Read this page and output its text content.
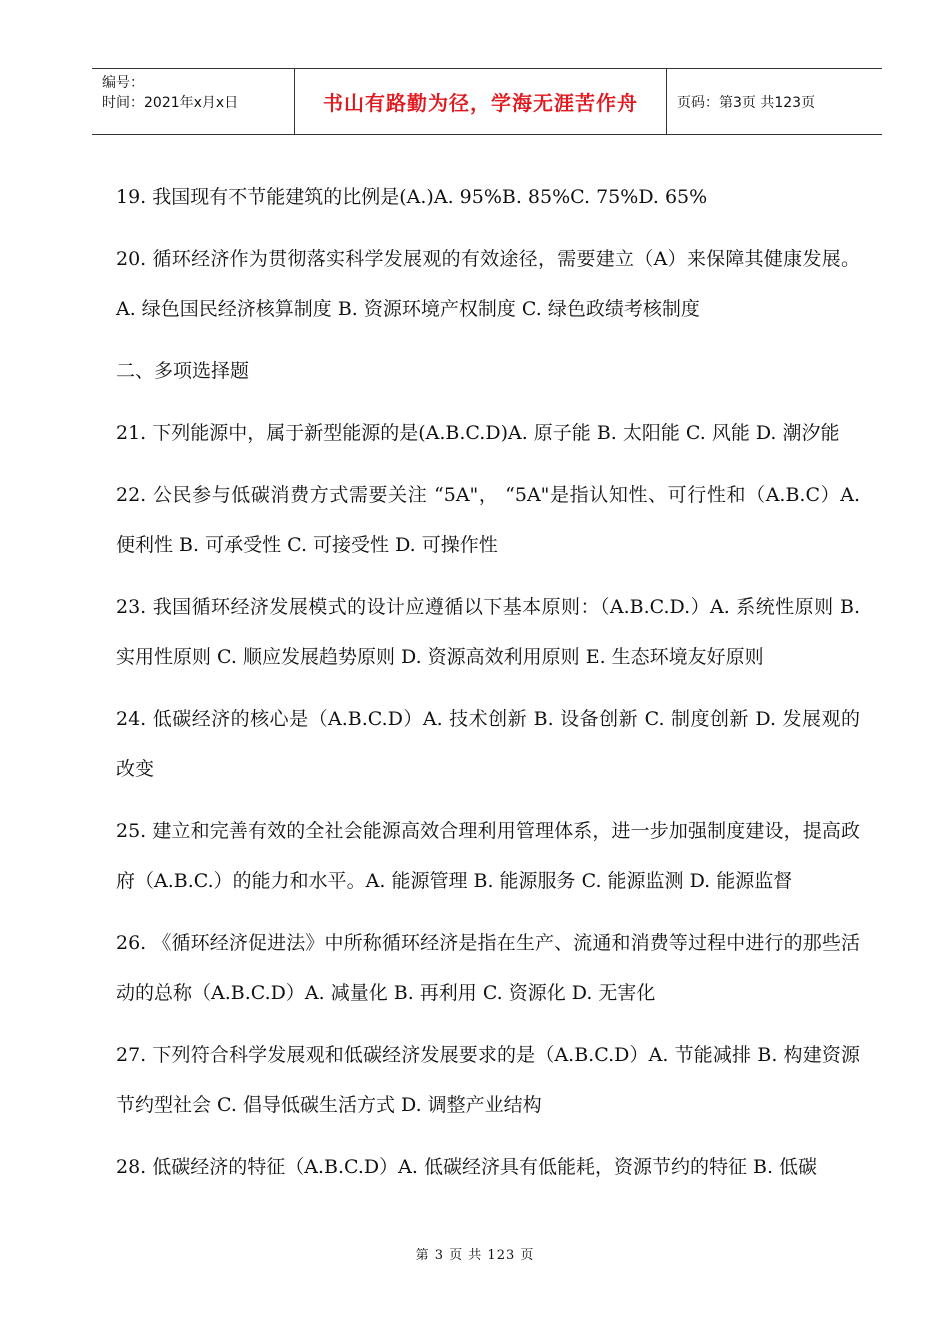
编号：
时间：2021年x月x日	书山有路勤为径，学海无涯苦作舟	页码：第3页 共123页

19. 我国现有不节能建筑的比例是(A.)A. 95%B. 85%C. 75%D. 65%

20. 循环经济作为贯彻落实科学发展观的有效途径，需要建立（A）来保障其健康发展。A. 绿色国民经济核算制度 B. 资源环境产权制度 C. 绿色政绩考核制度

二、多项选择题

21. 下列能源中，属于新型能源的是(A.B.C.D)A. 原子能 B. 太阳能 C. 风能 D. 潮汐能

22. 公民参与低碳消费方式需要关注 “5A"， “5A"是指认知性、可行性和（A.B.C）A. 便利性 B. 可承受性 C. 可接受性 D. 可操作性

23. 我国循环经济发展模式的设计应遵循以下基本原则：（A.B.C.D.）A. 系统性原则 B. 实用性原则 C. 顺应发展趋势原则 D. 资源高效利用原则 E. 生态环境友好原则

24. 低碳经济的核心是（A.B.C.D）A. 技术创新 B. 设备创新 C. 制度创新 D. 发展观的改变

25. 建立和完善有效的全社会能源高效合理利用管理体系，进一步加强制度建设，提高政府（A.B.C.）的能力和水平。A. 能源管理 B. 能源服务 C. 能源监测 D. 能源监督

26. 《循环经济促进法》中所称循环经济是指在生产、流通和消费等过程中进行的那些活动的总称（A.B.C.D）A. 减量化 B. 再利用 C. 资源化 D. 无害化

27. 下列符合科学发展观和低碳经济发展要求的是（A.B.C.D）A. 节能减排 B. 构建资源节约型社会 C. 倡导低碳生活方式 D. 调整产业结构

28. 低碳经济的特征（A.B.C.D）A. 低碳经济具有低能耗，资源节约的特征 B. 低碳

第 3 页 共 123 页
